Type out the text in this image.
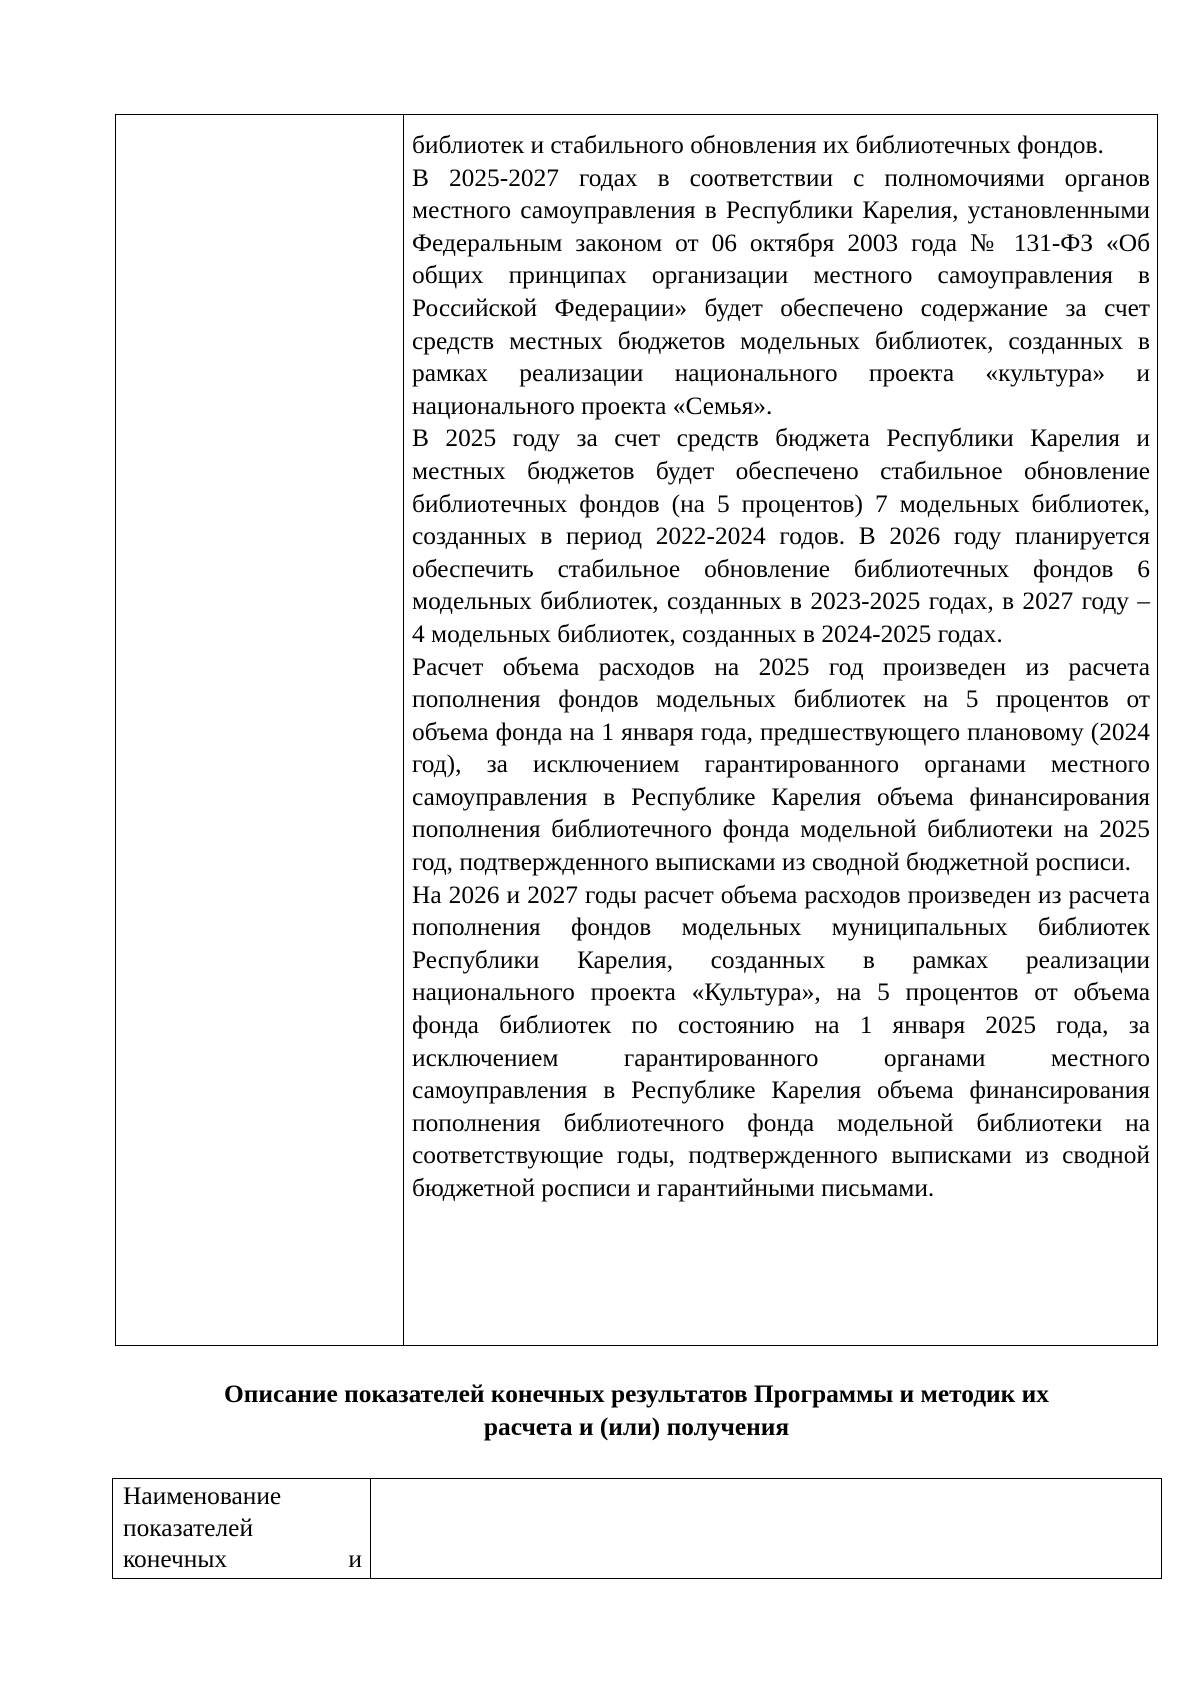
библиотек и стабильного обновления их библиотечных фондов.

В 2025-2027 годах в соответствии с полномочиями органов местного самоуправления в Республики Карелия, установленными Федеральным законом от 06 октября 2003 года № 131-ФЗ «Об общих принципах организации местного самоуправления в Российской Федерации» будет обеспечено содержание за счет средств местных бюджетов модельных библиотек, созданных в рамках реализации национального проекта «культура» и национального проекта «Семья».

В 2025 году за счет средств бюджета Республики Карелия и местных бюджетов будет обеспечено стабильное обновление библиотечных фондов (на 5 процентов) 7 модельных библиотек, созданных в период 2022-2024 годов. В 2026 году планируется обеспечить стабильное обновление библиотечных фондов 6 модельных библиотек, созданных в 2023-2025 годах, в 2027 году – 4 модельных библиотек, созданных в 2024-2025 годах.

Расчет объема расходов на 2025 год произведен из расчета пополнения фондов модельных библиотек на 5 процентов от объема фонда на 1 января года, предшествующего плановому (2024 год), за исключением гарантированного органами местного самоуправления в Республике Карелия объема финансирования пополнения библиотечного фонда модельной библиотеки на 2025 год, подтвержденного выписками из сводной бюджетной росписи.

На 2026 и 2027 годы расчет объема расходов произведен из расчета пополнения фондов модельных муниципальных библиотек Республики Карелия, созданных в рамках реализации национального проекта «Культура», на 5 процентов от объема фонда библиотек по состоянию на 1 января 2025 года, за исключением гарантированного органами местного самоуправления в Республике Карелия объема финансирования пополнения библиотечного фонда модельной библиотеки на соответствующие годы, подтвержденного выписками из сводной бюджетной росписи и гарантийными письмами.

Описание показателей конечных результатов Программы и методик их
расчета и (или) получения
Наименование
показателей
конечных	и
